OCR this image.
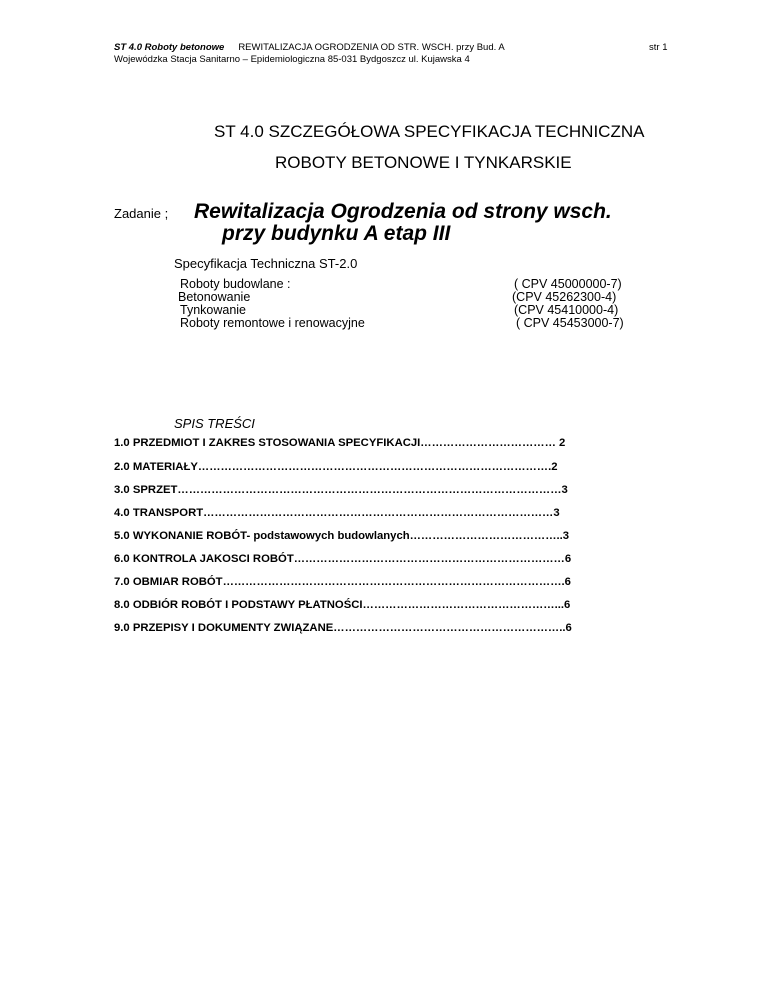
ST 4.0 Roboty betonowe REWITALIZACJA OGRODZENIA OD STR. WSCH. przy Bud. A	str 1
Wojewódzka Stacja Sanitarno – Epidemiologiczna 85-031 Bydgoszcz ul. Kujawska 4
ST 4.0 SZCZEGÓŁOWA SPECYFIKACJA TECHNICZNA
ROBOTY BETONOWE I TYNKARSKIE
Zadanie ; Rewitalizacja Ogrodzenia od strony wsch.
przy budynku A etap III
Specyfikacja Techniczna ST-2.0
Roboty budowlane :	( CPV 45000000-7)
Betonowanie	(CPV 45262300-4)
Tynkowanie	(CPV 45410000-4)
Roboty remontowe i renowacyjne	( CPV 45453000-7)
SPIS TREŚCI
1.0 PRZEDMIOT I ZAKRES STOSOWANIA SPECYFIKACJI……………………………… 2
2.0 MATERIAŁY………………………………………………………………………………….2
3.0 SPRZET…………………………………………………………………………………………3
4.0 TRANSPORT…………………………………………………………………………………3
5.0 WYKONANIE ROBÓT- podstawowych budowlanych…………………………………..3
6.0 KONTROLA JAKOSCI ROBÓT………………………………………………………………6
7.0 OBMIAR ROBÓT……………………………………………………………………………….6
8.0 ODBIÓR ROBÓT I PODSTAWY PŁATNOŚCI……………………………………………...6
9.0 PRZEPISY I DOKUMENTY ZWIĄZANE……………………………………………………..6
